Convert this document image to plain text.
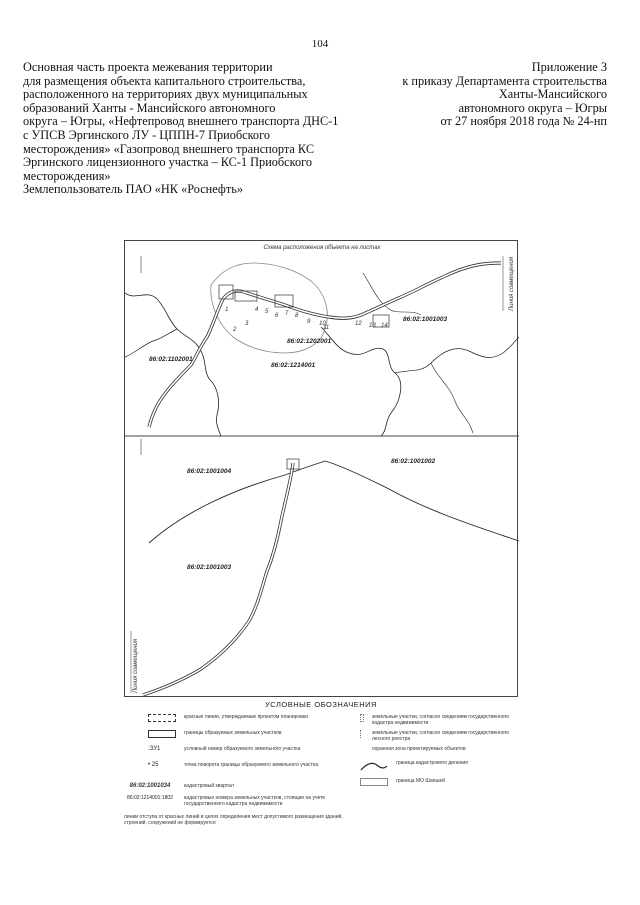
104
Основная часть проекта межевания территории
для размещения объекта капитального строительства,
расположенного на территориях двух муниципальных
образований Ханты - Мансийского автономного
округа – Югры, «Нефтепровод внешнего транспорта ДНС-1
с УПСВ Эргинского ЛУ - ЦППН-7 Приобского
месторождения» «Газопровод внешнего транспорта КС
Эргинского лицензионного участка – КС-1 Приобского
месторождения»
Землепользователь ПАО «НК «Роснефть»
Приложение 3
к приказу Департамента строительства
Ханты-Мансийского
автономного округа – Югры
от 27 ноября 2018 года № 24-нп
Схема расположения объекта на листах
86:02:1202001
86:02:1214001
86:02:1102001
86:02:1001003
Линия совмещения
1
2
3
4 5
6 7 8
9 10
11
12 13 14
86:02:1001004
86:02:1001002
86:02:1001003
Линия совмещения
УСЛОВНЫЕ ОБОЗНАЧЕНИЯ
красные линии, утверждаемые проектом планировки
границы образуемых земельных участков
:ЗУ1	условный номер образуемого земельного участка
• 25	точка поворота границы образуемого земельного участка
86:02:1001034	кадастровый квартал
86:02:1214001:1802	кадастровые номера земельных участков, стоящие на учете государственного кадастра недвижимости
линии отступа от красных линий в целях определения мест допустимого размещения зданий, строений, сооружений не формируется
земельные участки, согласно сведениям государственного кадастра недвижимости
земельные участки, согласно сведениям государственного лесного реестра
охранная зона проектируемых объектов
граница кадастрового деления
граница МО Шапшей
